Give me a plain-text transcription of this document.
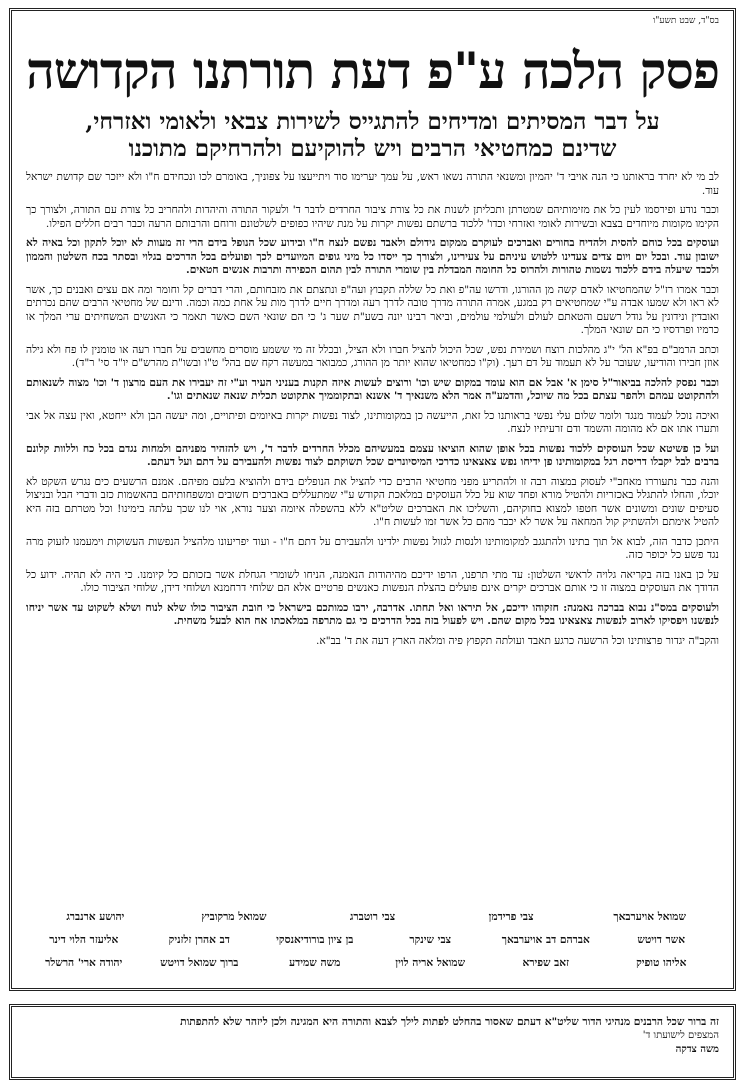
בס"ד, שבט תשע"ו
פסק הלכה ע"פ דעת תורתנו הקדושה
על דבר המסיתים ומדיחים להתגייס לשירות צבאי ולאומי ואזרחי,
שדינם כמחטיאי הרבים ויש להוקיעם ולהרחיקם מתוכנו

לב מי לא יחרד בראותנו כי הנה אויבי ד' יהמיון ומשנאי התורה נשאו ראש, על עמך יערימו סוד ויתייעצו על צפוניך, באומרם לכו ונכחידם ח"ו ולא ייזכר שם קדושת ישראל עוד.

וכבר נודע ופירסמו לעין כל את מזימותיהם שמטרתן ותכליתן לשנות את כל צורת ציבור החרדים לדבר ד' ולעקור התורה והיהדות ולהחריב כל צורת עם התורה, ולצורך כך הקימו מקומות מיוחדים בצבא ובשירות לאומי ואזרחי וכדו' ללכוד ברשתם נפשות יקרות על מנת שיהיו כפופים לשלטונם ורוחם והרבותם הרעה וכבר רבים חללים הפילו.

ועוסקים בכל כוחם להסית ולהדיח בחורים ואברכים לעוקרם ממקום גידולם ולאבד נפשם לנצח ח"ו ובידוע שכל הנופל בידם הרי זה מעוות לא יוכל לתקון וכל באיה לא ישובון עוד. ובכל יום ויום צדים צעדינו ללטוש עיניהם על צעירינו, ולצורך כך ייסדו כל מיני גופים המיועדים לכך ופועלים בכל הדרכים בגלוי ובסתר בכח השלטון והממון ולכבד שיעלה בידם ללכוד נשמות טהורות ולהרוס כל החומה המבדלת בין שומרי התורה לבין תהום הכפירה ותרבות אנשים חטאים.

וכבר אמרו רז"ל שהמחטיאו לאדם קשה מן ההורגו, ודרשו עה"פ ואת כל שללה תקבוץ ועה"פ ונתצתם את מזבחותם, והרי דברים קל וחומר ומה אם עצים ואבנים כך, אשר לא ראו ולא שמעו אבדה ע"י שמחטיאים רק במגע, אמרה התורה מדרך טובה לדרך רעה ומדרך חיים לדרך מות על אחת כמה וכמה. ודינם של מחטיאי הרבים שהם נכרתים ואובדין ונידונין על גודל רשעם והטאתם לעולם ולעולמי עולמים, וביאר רבינו יונה בשע"ת שער ג' כי הם שונאי השם כאשר תאמר כי האנשים המשחיתים ערי המלך או כרמיו ופרדסיו כי הם שונאי המלך.

וכתב הרמב"ם בפ"א הל' י"ג מהלכות רוצח ושמירת נפש, שכל היכול להציל חברו ולא הציל, ובכלל זה מי ששמע מוסרים מחשבים על חברו רעה או טומנין לו פח ולא גילה אוזן חבירו והודיעו, שעובר על לא תעמוד על דם רעך. (וק"ו כמחטיאו שהוא יותר מן ההורג, כמבואר במעשה רקח שם בהל' ט"ו ובשו"ת מהרש"ם יו"ד סי' ר"ד).

וכבר נפסק להלכה בביאור"ל סימן א' אבל אם הוא עומד במקום שיש וכו' ורוצים לעשות איזה תקנות בעניני העיר וע"י זה יעבירו את העם מרצון ד' וכו' מצוה לשנאותם ולהתקוטט עמהם ולהפר עצתם בכל מה שיוכל, והדמע"ה אמר הלא משנאיך ד' אשנא ובתקוממיך אתקוטט תכלית שנאה שנאתים וגו'.

ואיכה נוכל לעמוד מנגד ולומר שלום עלי נפשי בראותנו כל זאת, הייעשה כן במקומותינו, לצוד נפשות יקרות באיומים ופיתויים, ומה יעשה הבן ולא ייחטא, ואין עצה אל אבי ותערו אתו אם לא מהומה והשמד ודם זרעיתיו לנצח.

ועל כן פשיטא שכל העוסקים ללכוד נפשות בכל אופן שהוא הוציאו עצמם במעשיהם מכלל החרדים לדבר ד', ויש להזהיר מפניהם ולמחות נגדם בכל כח וללוות קלונם ברבים לבל יקבלו דריסת רגל במקומותינו פן ידיחו נפש צאצאינו כדרכי המיסיונרים שכל תשוקתם לצוד נפשות ולהעבירם על דתם ועל דעתם.

והנה כבר נתעוררו מאחב"י לעסוק במצוה רבה זו ולהתריע מפני מחטיאי הרבים כדי להציל את הנופלים בידם ולהוציא בלעם מפיהם. אמנם הרשעים כים נגרש השקט לא יוכלו, והחלו להתגלל באכזריות ולהטיל מורא ופחד שוא על כלל העוסקים במלאכת הקודש ע"י שמתעללים באברכים חשובים ומשפחותיהם בהאשמות כזב ודברי הבל ובניצול סעיפים שונים ומשונים אשר חטפו למצוא בחוקיהם, והשליכו את האברכים שליט"א ללא בהשפלה איומה וצער נורא, אוי לנו שכך עלתה בימינו! וכל מטרתם בזה היא להטיל אימתם ולהשתיק קול המחאה על אשר לא יכבר מהם כל אשר זמו לעשות ח"ו.

היתכן כדבר הזה, לבוא אל תוך בתינו ולהתגגב למקומותינו ולנסות לגזול נפשות ילדינו ולהעבירם על דתם ח"ו - ועוד יפריעונו מלהציל הנפשות העשוקות וימעמנו לזעוק מרה נגד פשע כל יכופר כזה.

על כן באנו בזה בקריאה גלויה לראשי השלטון: עד מתי תרפנו, הרפו ידיכם מהיהודות הנאמנה, הניחו לשומרי הגחלת אשר בזכותם כל קיומנו. כי היה לא תהיה. ידוע כל הדודך את העוסקים במצוה זו כי אותם אברכים יקרים אינם פועלים בהצלת הנפשות כאנשים פרטיים אלא הם שלוחי דרחמנא ושלוחי דידן, שלוחי הציבור כולו.

ולעוסקים במס"נ נבוא בברכה נאמנה: חזקוהו ידיכם, אל תיראו ואל תחתו. אדרבה, ירבו כמותכם בישראל כי חובת הציבור כולו שלא לנוח ושלא לשקוט עד אשר יניחו לנפשנו ויפסיקו לארוב לנפשות צאצאינו בכל מקום שהם. ויש לפעול בזה בכל הדרכים כי גם מתרפה במלאכתו אח הוא לבעל משחית.

והקב"ה יגדור פרצותינו וכל הרשעה כרגע תאבד ועולתה תקפוץ פיה ומלאה הארץ דעה את ד' בב"א.

שמואל אויערבאך
צבי פרידמן
צבי רוטברג
שמואל מרקוביץ
יהושע ארנברג
אשר דויטש
אברהם דב אויערבאך
צבי שינקר
בן ציון בורודיאנסקי
דב אהרן זלזניק
אליעזר הלוי דינר
אליהו טופיק
זאב שפירא
שמואל אריה לוין
משה שמידע
ברוך שמואל דויטש
יהודה ארי' הרשלר
זה ברור שכל הרבנים מנהיגי הדור שליט"א דעתם שאסור בהחלט לפתות לילך לצבא והתורה היא המגינה ולכן ליזהר שלא להתפתות
המצפים לישועתו ד'
משה צדקה
